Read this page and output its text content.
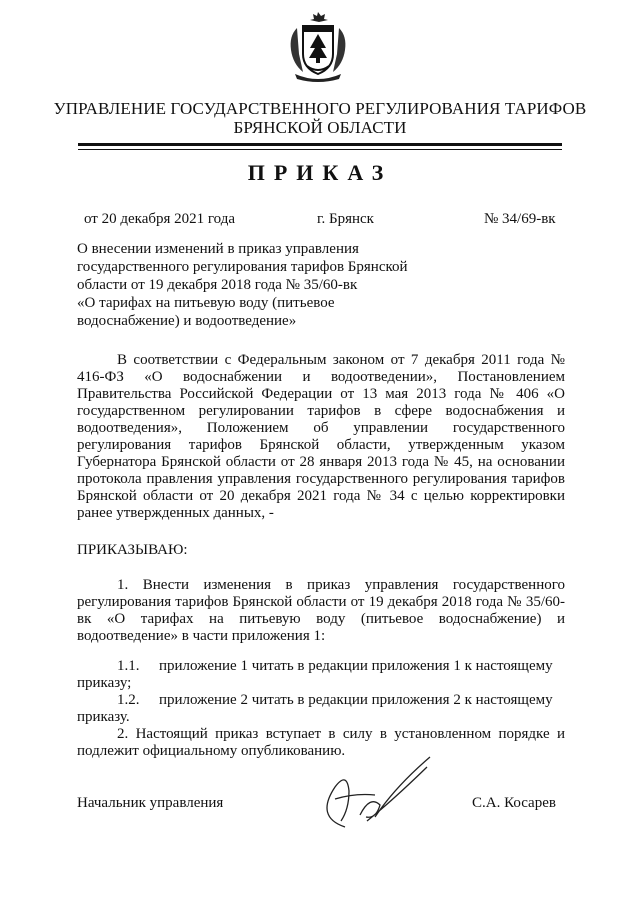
УПРАВЛЕНИЕ ГОСУДАРСТВЕННОГО РЕГУЛИРОВАНИЯ ТАРИФОВ
БРЯНСКОЙ ОБЛАСТИ
ПРИКАЗ
от 20 декабря 2021 года	г. Брянск	№ 34/69-вк
О внесении изменений в приказ управления
государственного регулирования тарифов Брянской
области от 19 декабря 2018 года № 35/60-вк
«О тарифах на питьевую воду (питьевое
водоснабжение) и водоотведение»
В соответствии с Федеральным законом от 7 декабря 2011 года № 416-ФЗ «О водоснабжении и водоотведении», Постановлением Правительства Российской Федерации от 13 мая 2013 года № 406 «О государственном регулировании тарифов в сфере водоснабжения и водоотведения», Положением об управлении государственного регулирования тарифов Брянской области, утвержденным указом Губернатора Брянской области от 28 января 2013 года № 45, на основании протокола правления управления государственного регулирования тарифов Брянской области от 20 декабря 2021 года № 34 с целью корректировки ранее утвержденных данных, -
ПРИКАЗЫВАЮ:
1. Внести изменения в приказ управления государственного регулирования тарифов Брянской области от 19 декабря 2018 года № 35/60-вк «О тарифах на питьевую воду (питьевое водоснабжение) и водоотведение» в части приложения 1:
1.1. приложение 1 читать в редакции приложения 1 к настоящему приказу;
1.2. приложение 2 читать в редакции приложения 2 к настоящему приказу.
2. Настоящий приказ вступает в силу в установленном порядке и подлежит официальному опубликованию.
Начальник управления	С.А. Косарев
